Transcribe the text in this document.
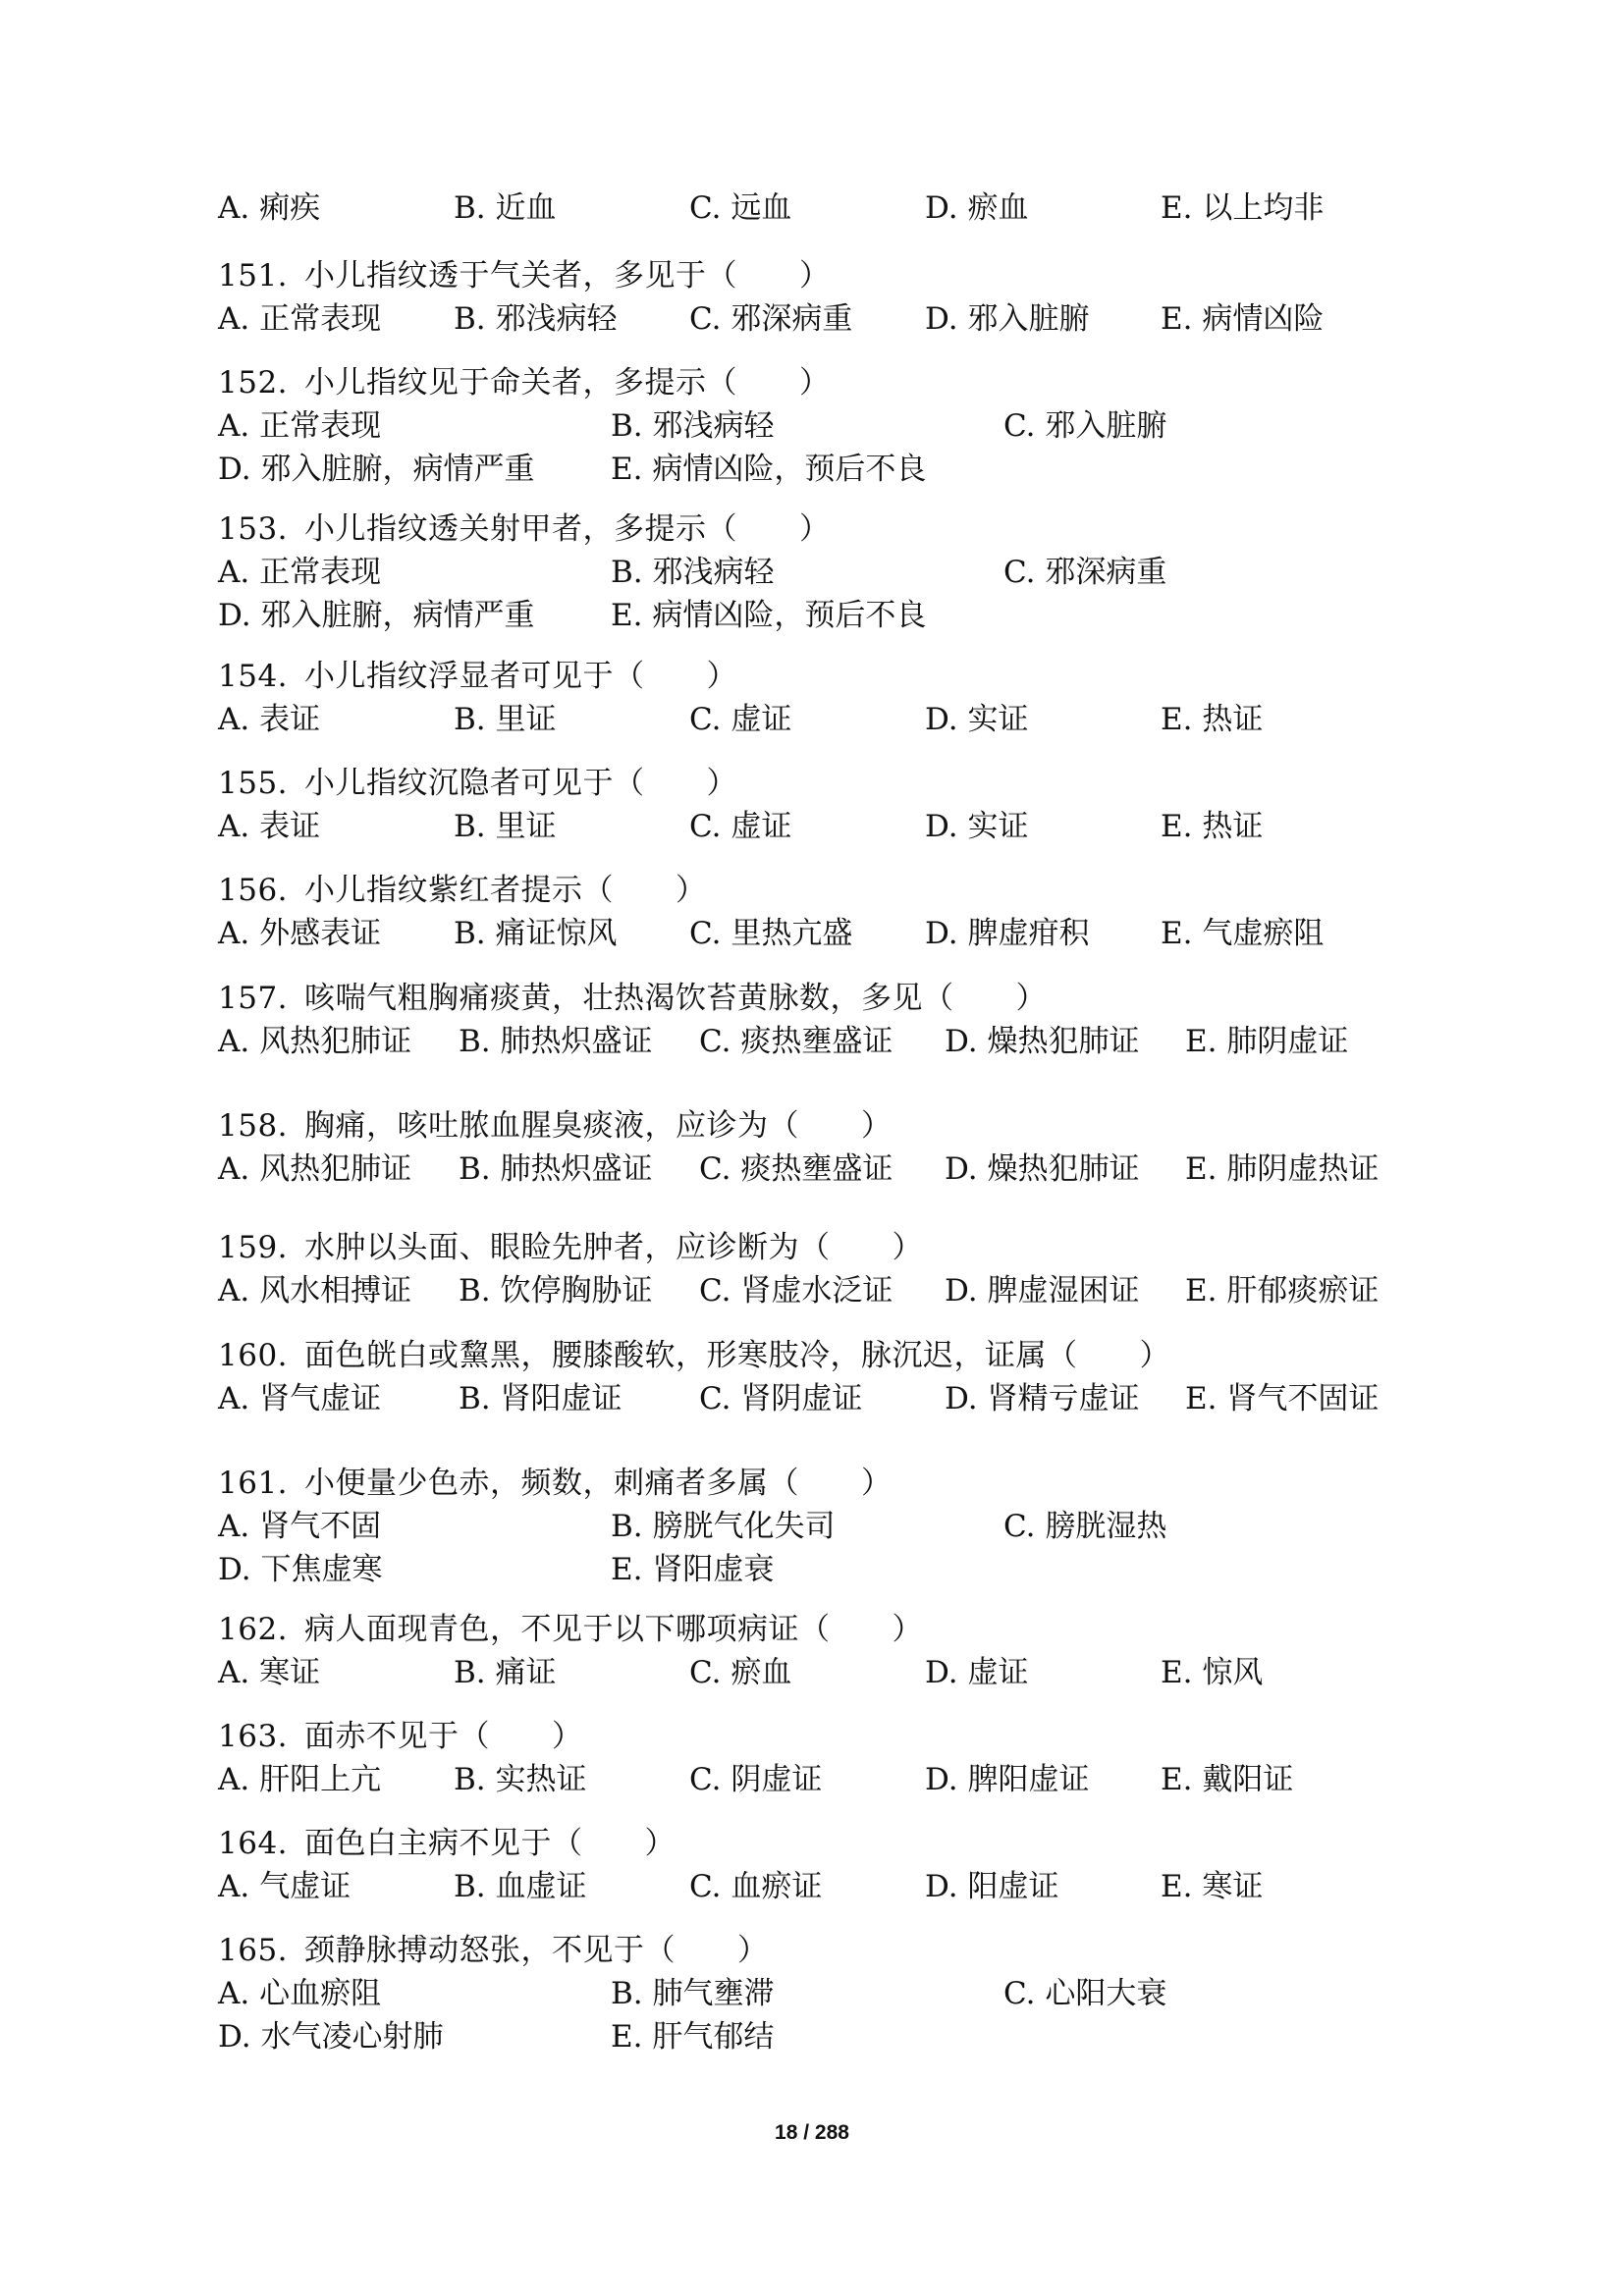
A. 痢疾	B. 近血	C. 远血	D. 瘀血	E. 以上均非
151. 小儿指纹透于气关者，多见于（　　）
A. 正常表现 B. 邪浅病轻 C. 邪深病重 D. 邪入脏腑 E. 病情凶险
152. 小儿指纹见于命关者，多提示（　　）
A. 正常表现	B. 邪浅病轻	C. 邪入脏腑
D. 邪入脏腑，病情严重	E. 病情凶险，预后不良
153. 小儿指纹透关射甲者，多提示（　　）
A. 正常表现	B. 邪浅病轻	C. 邪深病重
D. 邪入脏腑，病情严重	E. 病情凶险，预后不良
154. 小儿指纹浮显者可见于（　　）
A. 表证	B. 里证	C. 虚证	D. 实证	E. 热证
155. 小儿指纹沉隐者可见于（　　）
A. 表证	B. 里证	C. 虚证	D. 实证	E. 热证
156. 小儿指纹紫红者提示（　　）
A. 外感表证 B. 痛证惊风 C. 里热亢盛 D. 脾虚疳积 E. 气虚瘀阻
157. 咳喘气粗胸痛痰黄，壮热渴饮苔黄脉数，多见（　　）
A. 风热犯肺证 B. 肺热炽盛证 C. 痰热壅盛证 D. 燥热犯肺证 E. 肺阴虚证
158. 胸痛，咳吐脓血腥臭痰液，应诊为（　　）
A. 风热犯肺证 B. 肺热炽盛证 C. 痰热壅盛证 D. 燥热犯肺证 E. 肺阴虚热证
159. 水肿以头面、眼睑先肿者，应诊断为（　　）
A. 风水相搏证 B. 饮停胸胁证 C. 肾虚水泛证 D. 脾虚湿困证 E. 肝郁痰瘀证
160. 面色㿠白或黧黑，腰膝酸软，形寒肢冷，脉沉迟，证属（　　）
A. 肾气虚证	B. 肾阳虚证	C. 肾阴虚证	D. 肾精亏虚证 E. 肾气不固证
161. 小便量少色赤，频数，刺痛者多属（　　）
A. 肾气不固	B. 膀胱气化失司	C. 膀胱湿热
D. 下焦虚寒	E. 肾阳虚衰
162. 病人面现青色，不见于以下哪项病证（　　）
A. 寒证	B. 痛证	C. 瘀血	D. 虚证	E. 惊风
163. 面赤不见于（　　）
A. 肝阳上亢 B. 实热证	C. 阴虚证	D. 脾阳虚证 E. 戴阳证
164. 面色白主病不见于（　　）
A. 气虚证	B. 血虚证	C. 血瘀证	D. 阳虚证	E. 寒证
165. 颈静脉搏动怒张，不见于（　　）
A. 心血瘀阻	B. 肺气壅滞	C. 心阳大衰
D. 水气凌心射肺	E. 肝气郁结
18 / 288
